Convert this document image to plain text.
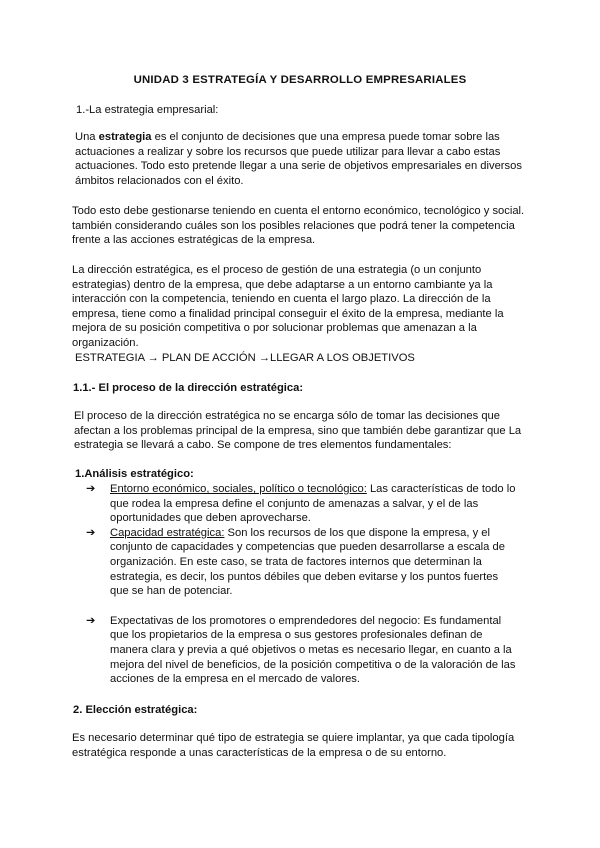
UNIDAD 3 ESTRATEGÍA Y DESARROLLO EMPRESARIALES
1.-La estrategia empresarial:

Una estrategia es el conjunto de decisiones que una empresa puede tomar sobre las actuaciones a realizar y sobre los recursos que puede utilizar para llevar a cabo estas actuaciones. Todo esto pretende llegar a una serie de objetivos empresariales en diversos ámbitos relacionados con el éxito.

Todo esto debe gestionarse teniendo en cuenta el entorno económico, tecnológico y social. también considerando cuáles son los posibles relaciones que podrá tener la competencia frente a las acciones estratégicas de la empresa.

La dirección estratégica, es el proceso de gestión de una estrategia (o un conjunto estrategias) dentro de la empresa, que debe adaptarse a un entorno cambiante ya la interacción con la competencia, teniendo en cuenta el largo plazo. La dirección de la empresa, tiene como a finalidad principal conseguir el éxito de la empresa, mediante la mejora de su posición competitiva o por solucionar problemas que amenazan a la organización.

ESTRATEGIA → PLAN DE ACCIÓN →LLEGAR A LOS OBJETIVOS
1.1.- El proceso de la dirección estratégica:

El proceso de la dirección estratégica no se encarga sólo de tomar las decisiones que afectan a los problemas principal de la empresa, sino que también debe garantizar que La estrategia se llevará a cabo. Se compone de tres elementos fundamentales:

1.Análisis estratégico:
➔ Entorno económico, sociales, político o tecnológico: Las características de todo lo que rodea la empresa define el conjunto de amenazas a salvar, y el de las oportunidades que deben aprovecharse.
➔ Capacidad estratégica: Son los recursos de los que dispone la empresa, y el conjunto de capacidades y competencias que pueden desarrollarse a escala de organización. En este caso, se trata de factores internos que determinan la estrategia, es decir, los puntos débiles que deben evitarse y los puntos fuertes que se han de potenciar.
➔ Expectativas de los promotores o emprendedores del negocio: Es fundamental que los propietarios de la empresa o sus gestores profesionales definan de manera clara y previa a qué objetivos o metas es necesario llegar, en cuanto a la mejora del nivel de beneficios, de la posición competitiva o de la valoración de las acciones de la empresa en el mercado de valores.
2. Elección estratégica:

Es necesario determinar qué tipo de estrategia se quiere implantar, ya que cada tipología estratégica responde a unas características de la empresa o de su entorno.
